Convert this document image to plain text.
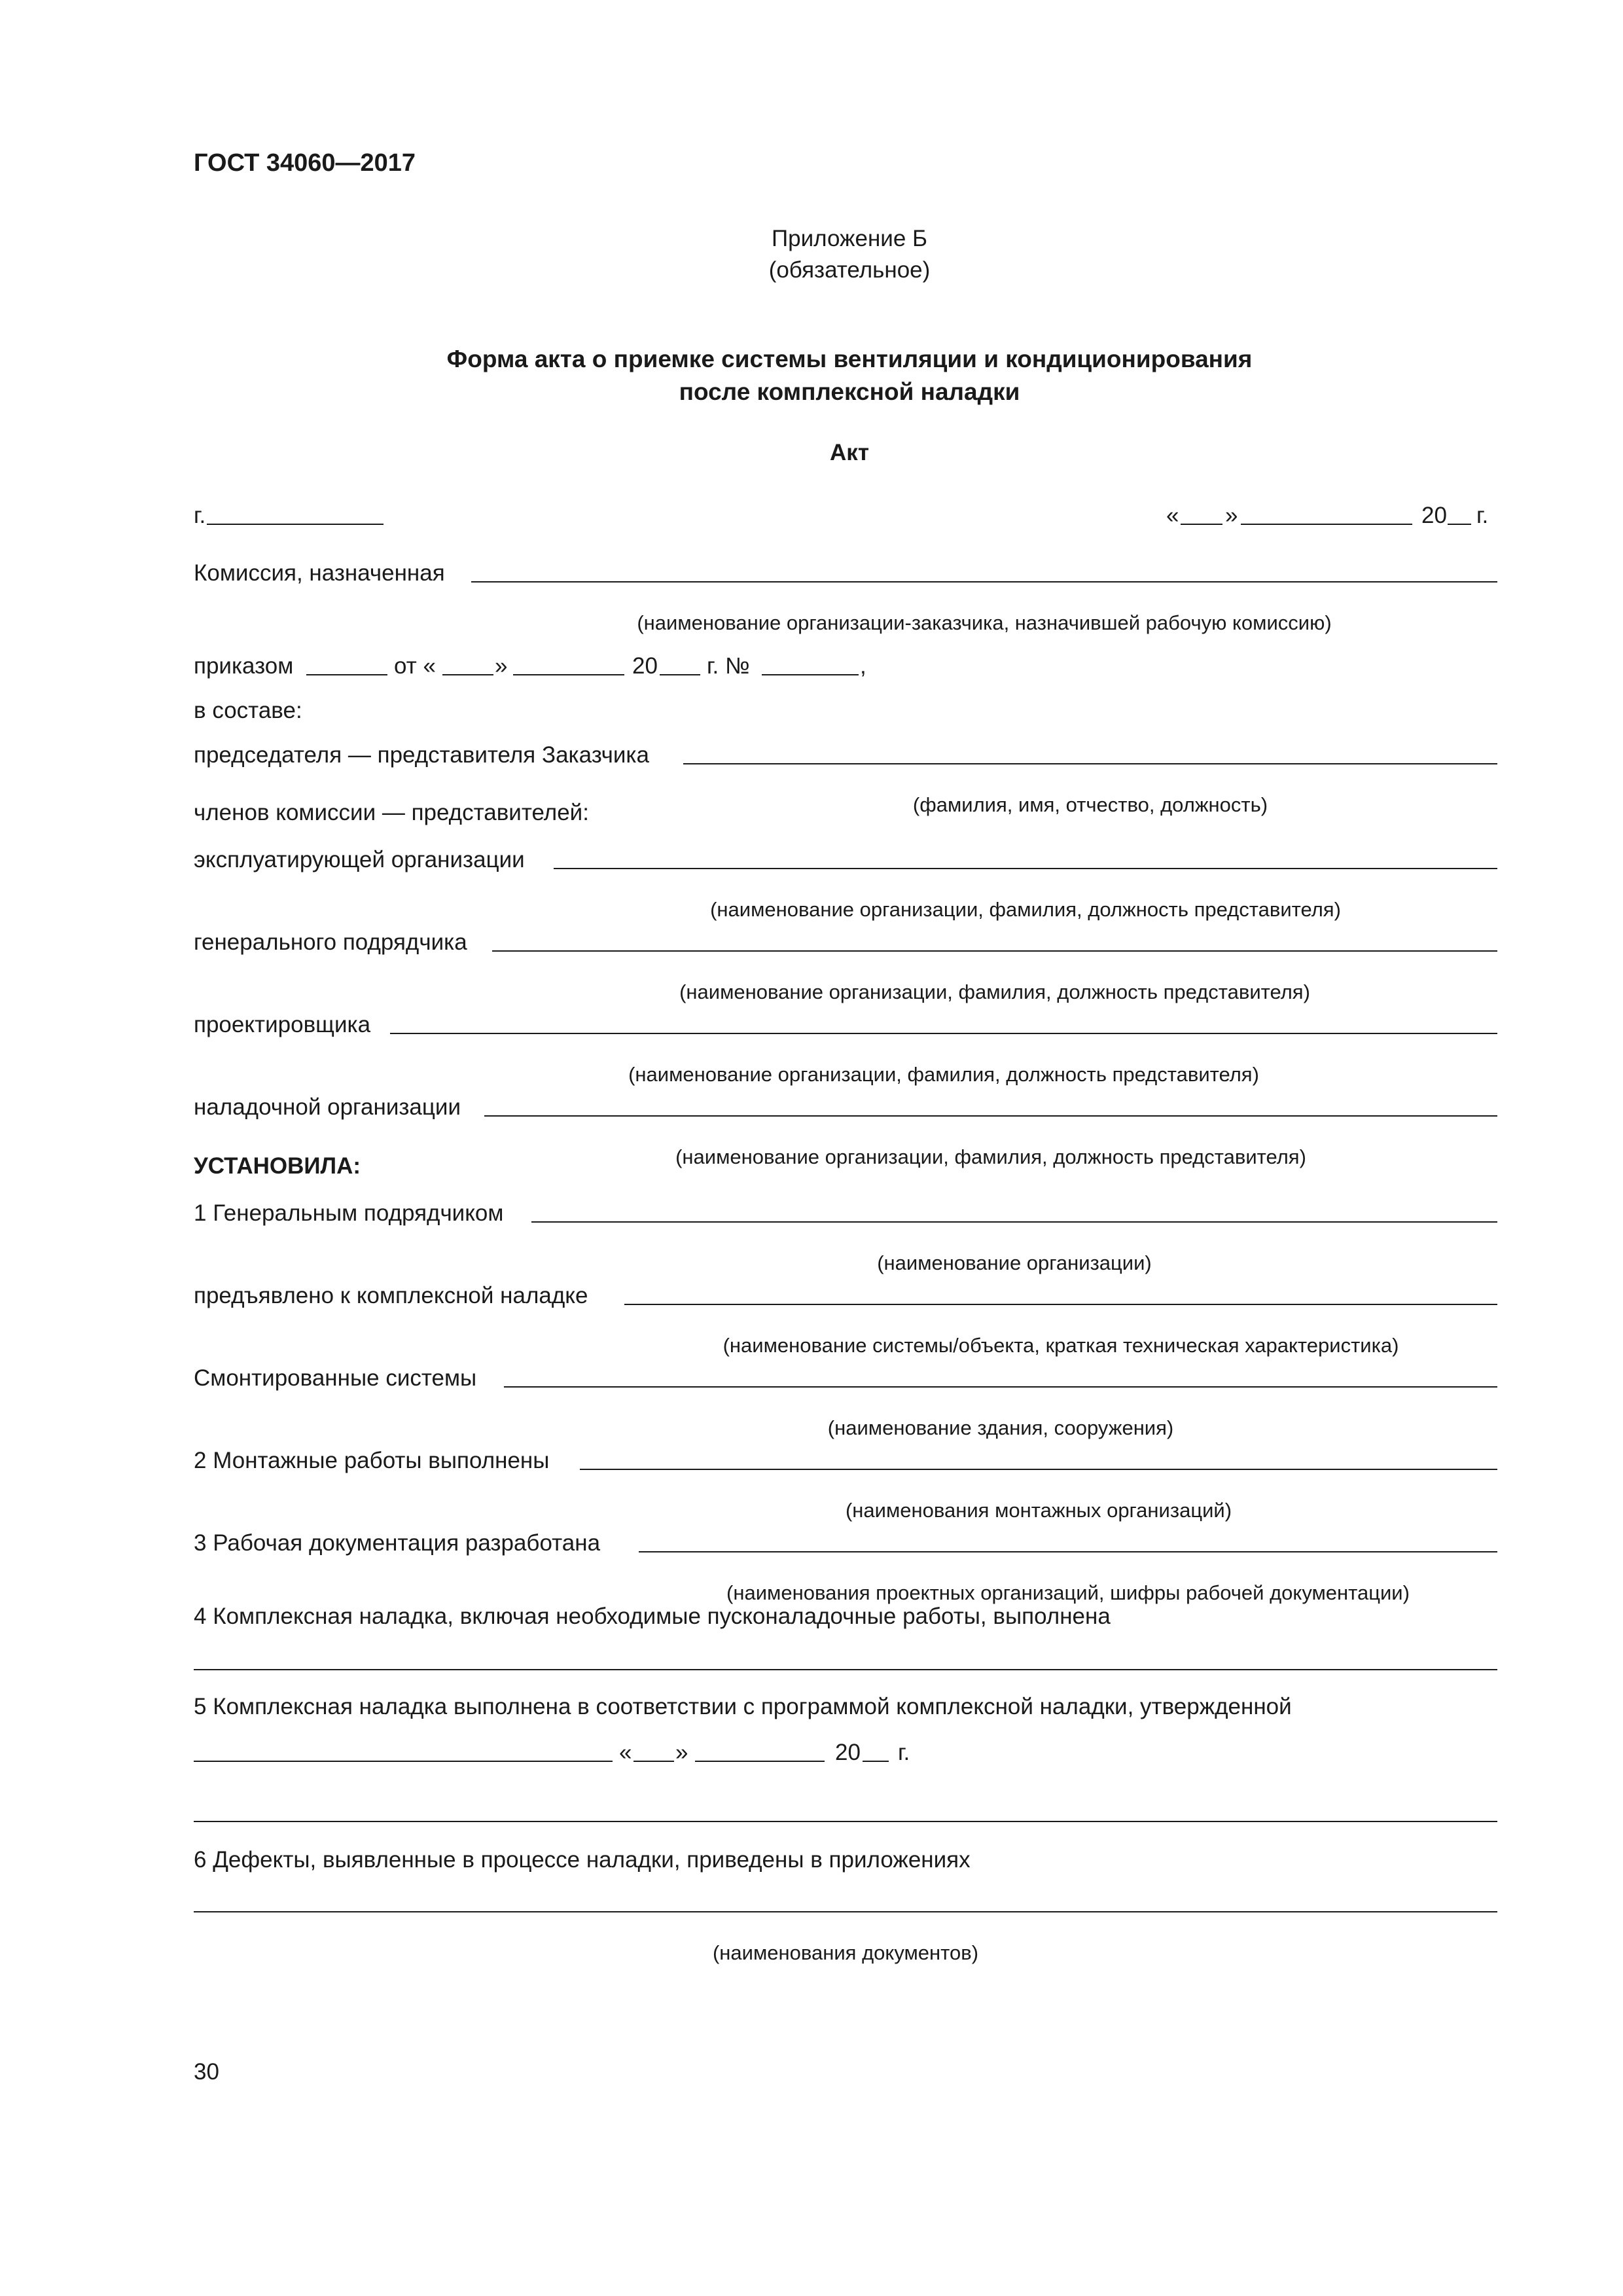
ГОСТ 34060—2017

Приложение Б

(обязательное)

Форма акта о приемке системы вентиляции и кондиционирования

после комплексной наладки

Акт

г.	« »	20 г.

Комиссия, назначенная

(наименование организации-заказчика, назначившей рабочую комиссию)

приказом	от «	»	20 г. №	,

в составе:

председателя — представителя Заказчика

(фамилия, имя, отчество, должность)

членов комиссии — представителей:

эксплуатирующей организации

(наименование организации, фамилия, должность представителя)

генерального подрядчика

(наименование организации, фамилия, должность представителя)

проектировщика

(наименование организации, фамилия, должность представителя)

наладочной организации

(наименование организации, фамилия, должность представителя)

УСТАНОВИЛА:

1 Генеральным подрядчиком

(наименование организации)

предъявлено к комплексной наладке

(наименование системы/объекта, краткая техническая характеристика)

Смонтированные системы

(наименование здания, сооружения)

2 Монтажные работы выполнены

(наименования монтажных организаций)

3 Рабочая документация разработана

(наименования проектных организаций, шифры рабочей документации)

4 Комплексная наладка, включая необходимые пусконаладочные работы, выполнена

5 Комплексная наладка выполнена в соответствии с программой комплексной наладки, утвержденной

« »	20 г.

6 Дефекты, выявленные в процессе наладки, приведены в приложениях

(наименования документов)

30
